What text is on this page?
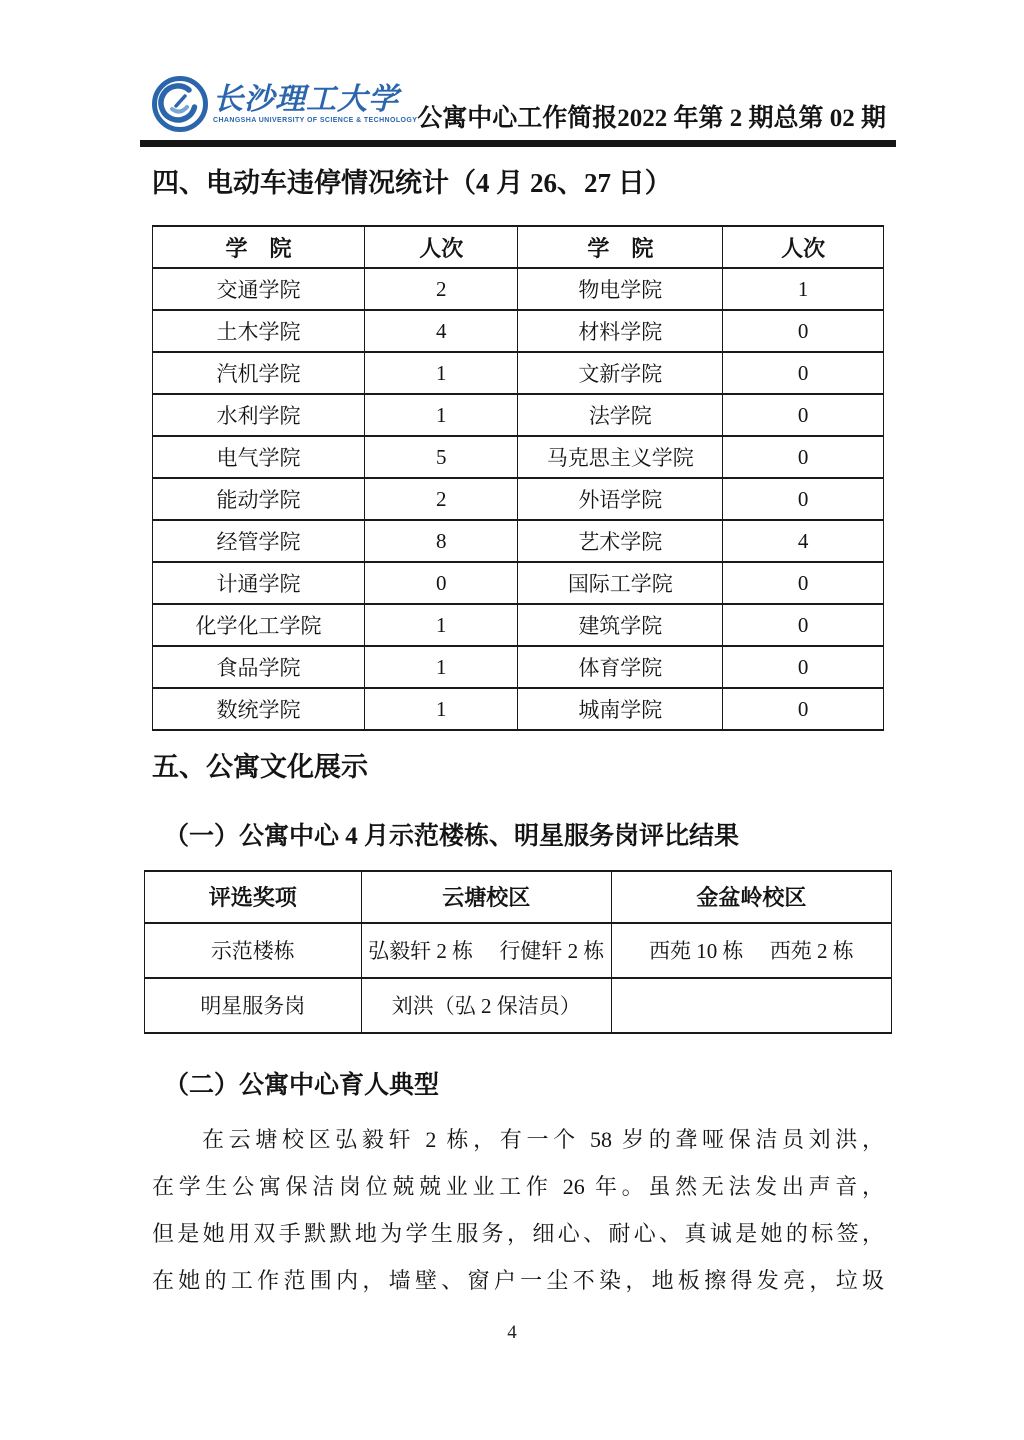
长沙理工大学
CHANGSHA UNIVERSITY OF SCIENCE & TECHNOLOGY 公寓中心工作简报 2022 年第 2 期总第 02 期
四、电动车违停情况统计（4 月 26、27 日）
学　院	人次	学　院	人次
交通学院	2	物电学院	1
土木学院	4	材料学院	0
汽机学院	1	文新学院	0
水利学院	1	法学院	0
电气学院	5	马克思主义学院	0
能动学院	2	外语学院	0
经管学院	8	艺术学院	4
计通学院	0	国际工学院	0
化学化工学院	1	建筑学院	0
食品学院	1	体育学院	0
数统学院	1	城南学院	0
五、公寓文化展示
（一）公寓中心 4 月示范楼栋、明星服务岗评比结果
评选奖项	云塘校区	金盆岭校区
示范楼栋	弘毅轩 2 栋　 行健轩 2 栋	西苑 10 栋　 西苑 2 栋
明星服务岗	刘洪（弘 2 保洁员）	
（二）公寓中心育人典型
在云塘校区弘毅轩 2 栋，有一个 58 岁的聋哑保洁员刘洪，
在学生公寓保洁岗位兢兢业业工作 26 年。虽然无法发出声音，
但是她用双手默默地为学生服务，细心、耐心、真诚是她的标签，
在她的工作范围内，墙壁、窗户一尘不染，地板擦得发亮，垃圾
4
